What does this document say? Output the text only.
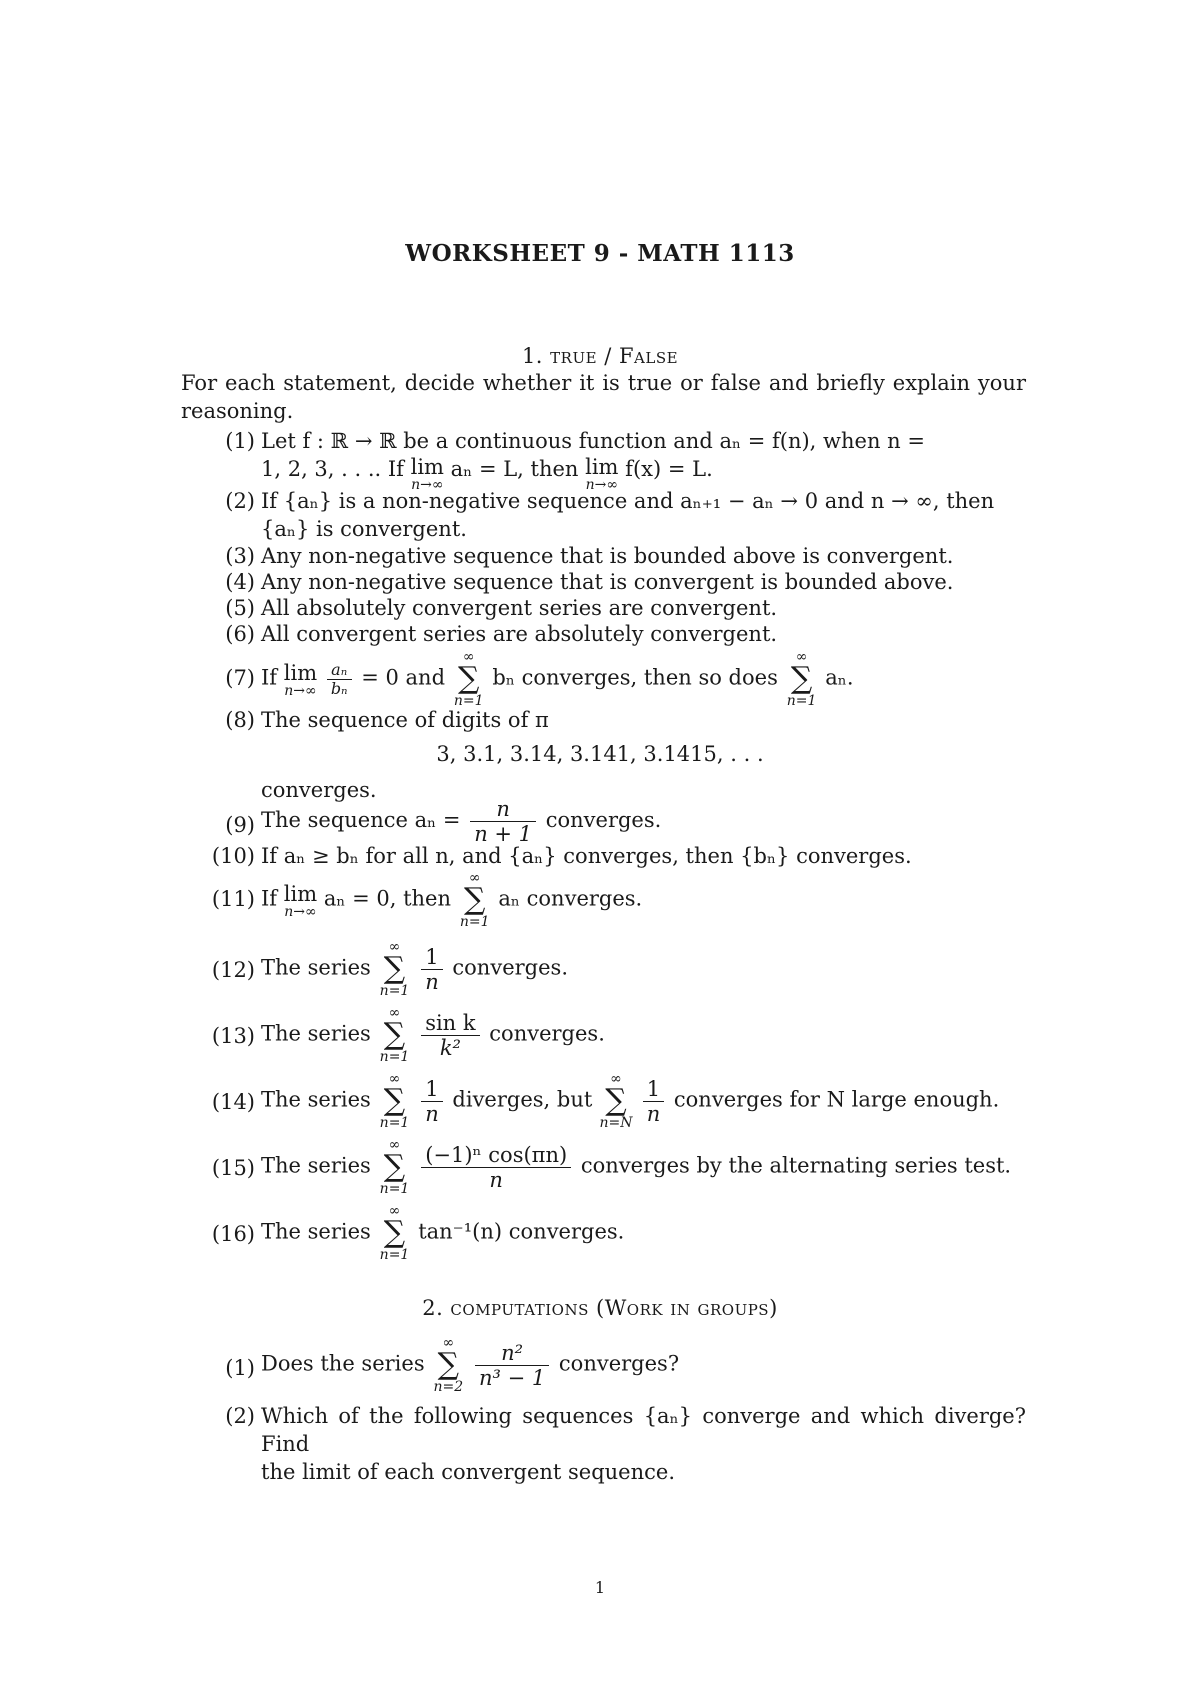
WORKSHEET 9 - MATH 1113
1. true / False
For each statement, decide whether it is true or false and briefly explain your reasoning.
(1) Let f : ℝ → ℝ be a continuous function and aₙ = f(n), when n =
1, 2, 3, . . .. If lim
n→∞
aₙ = L, then lim
n→∞
f(x) = L.
(2) If {aₙ} is a non-negative sequence and aₙ₊₁ − aₙ → 0 and n → ∞, then
{aₙ} is convergent.
(3) Any non-negative sequence that is bounded above is convergent.
(4) Any non-negative sequence that is convergent is bounded above.
(5) All absolutely convergent series are convergent.
(6) All convergent series are absolutely convergent.
(7) If lim
n→∞
$\frac{\text{aₙ}}{\text{bₙ}} = 0$ and
∞
∑
n=1
bₙ converges, then so does
∞
∑
n=1
aₙ.
(8) The sequence of digits of π
3, 3.1, 3.14, 3.141, 3.1415, . . .
converges.
(9) The sequence $a_n = \frac{n}{n + 1}$ converges.
(10) If aₙ ≥ bₙ for all n, and {aₙ} converges, then {bₙ} converges.
(11) If lim
n→∞
aₙ = 0, then
∞
∑
n=1
aₙ converges.
(12) The series
∞
∑
n=1
$\frac{1}{n}$ converges.
(13) The series
∞
∑
n=1
$\frac{\text{sin k}}{\text{k²}}$ converges.
(14) The series
∞
∑
n=1
$\frac{1}{n}$ diverges, but
∞
∑
n=N
$\frac{1}{n}$ converges for N large enough.
(15) The series
∞
∑
n=1
$\frac{\text{(−1)ⁿ cos(πn)}}{n}$ converges by the alternating series test.
(16) The series
∞
∑
n=1
tan⁻¹(n) converges.
2. computations (Work in groups)
(1) Does the series
∞
∑
n=2
$\frac{\text{n²}}{\text{n³ − 1}}$ converges?
(2) Which of the following sequences {aₙ} converge and which diverge? Find
the limit of each convergent sequence.
1
